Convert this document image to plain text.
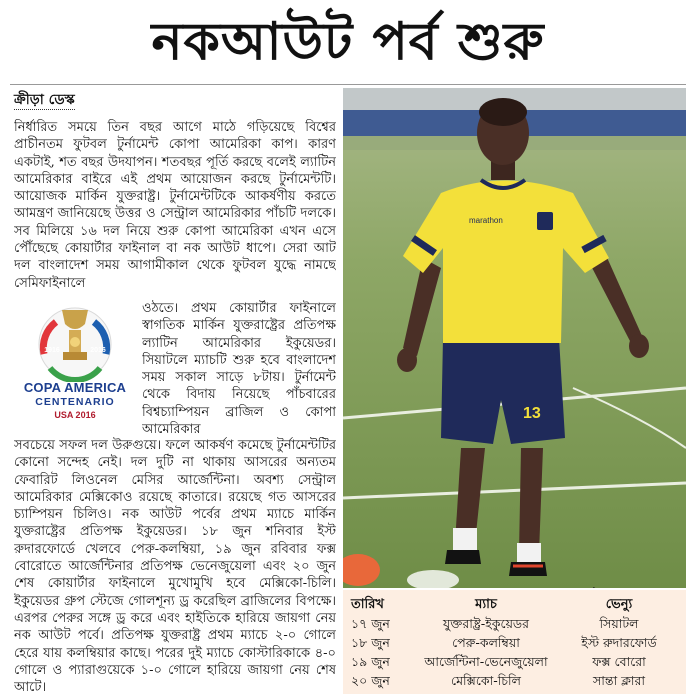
নকআউট পর্ব শুরু
ক্রীড়া ডেস্ক

নির্ধারিত সময়ে তিন বছর আগে মাঠে গড়িয়েছে বিশ্বের প্রাচীনতম ফুটবল টুর্নামেন্ট কোপা আমেরিকা কাপ। কারণ একটাই, শত বছর উদযাপন। শতবছর পূর্তি করছে বলেই ল্যাটিন আমেরিকার বাইরে এই প্রথম আয়োজন করছে টুর্নামেন্টটি। আয়োজক মার্কিন যুক্তরাষ্ট্র। টুর্নামেন্টটিকে আকর্ষণীয় করতে আমন্ত্রণ জানিয়েছে উত্তর ও সেন্ট্রাল আমেরিকার পাঁচটি দলকে। সব মিলিয়ে ১৬ দল নিয়ে শুরু কোপা আমেরিকা এখন এসে পৌঁছেছে কোয়ার্টার ফাইনাল বা নক আউট ধাপে। সেরা আট দল বাংলাদেশ সময় আগামীকাল থেকে ফুটবল যুদ্ধে নামছে সেমিফাইনালে

ওঠতে। প্রথম কোয়ার্টার ফাইনালে স্বাগতিক মার্কিন যুক্তরাষ্ট্রের প্রতিপক্ষ ল্যাটিন আমেরিকার ইকুয়েডর। সিয়াটলে ম্যাচটি শুরু হবে বাংলাদেশ সময় সকাল সাড়ে ৮টায়। টুর্নামেন্ট থেকে বিদায় নিয়েছে পাঁচবারের বিশ্বচ্যাম্পিয়ন ব্রাজিল ও কোপা আমেরিকার

সবচেয়ে সফল দল উরুগুয়ে। ফলে আকর্ষণ কমেছে টুর্নামেন্টটির কোনো সন্দেহ নেই। দল দুটি না থাকায় আসরের অন্যতম ফেবারিট লিওনেল মেসির আর্জেন্টিনা। অবশ্য সেন্ট্রাল আমেরিকার মেক্সিকোও রয়েছে কাতারে। রয়েছে গত আসরের চ্যাম্পিয়ন চিলিও। নক আউট পর্বের প্রথম ম্যাচে মার্কিন যুক্তরাষ্ট্রের প্রতিপক্ষ ইকুয়েডর। ১৮ জুন শনিবার ইস্ট রুদারফোর্ডে খেলবে পেরু-কলম্বিয়া, ১৯ জুন রবিবার ফক্স বোরোতে আর্জেন্টিনার প্রতিপক্ষ ভেনেজুয়েলা এবং ২০ জুন শেষ কোয়ার্টার ফাইনালে মুখোমুখি হবে মেক্সিকো-চিলি। ইকুয়েডর গ্রুপ স্টেজে গোলশূন্য ড্র করেছিল ব্রাজিলের বিপক্ষে। এরপর পেরুর সঙ্গে ড্র করে এবং হাইতিকে হারিয়ে জায়গা নেয় নক আউট পর্বে। প্রতিপক্ষ যুক্তরাষ্ট্র প্রথম ম্যাচে ২-০ গোলে হেরে যায় কলম্বিয়ার কাছে। পরের দুই ম্যাচে কোস্টারিকাকে ৪-০ গোলে ও প্যারাগুয়েকে ১-০ গোলে হারিয়ে জায়গা নেয় শেষ আটে।

1916	2016
COPA AMERICA
CENTENARIO
USA 2016	13
marathon
তারিখ	ম্যাচ	ভেন্যু
১৭ জুন	যুক্তরাষ্ট্র-ইকুয়েডর	সিয়াটল
১৮ জুন	পেরু-কলম্বিয়া	ইস্ট রুদারফোর্ড
১৯ জুন	আর্জেন্টিনা-ভেনেজুয়েলা	ফক্স বোরো
২০ জুন	মেক্সিকো-চিলি	সান্তা ক্লারা
